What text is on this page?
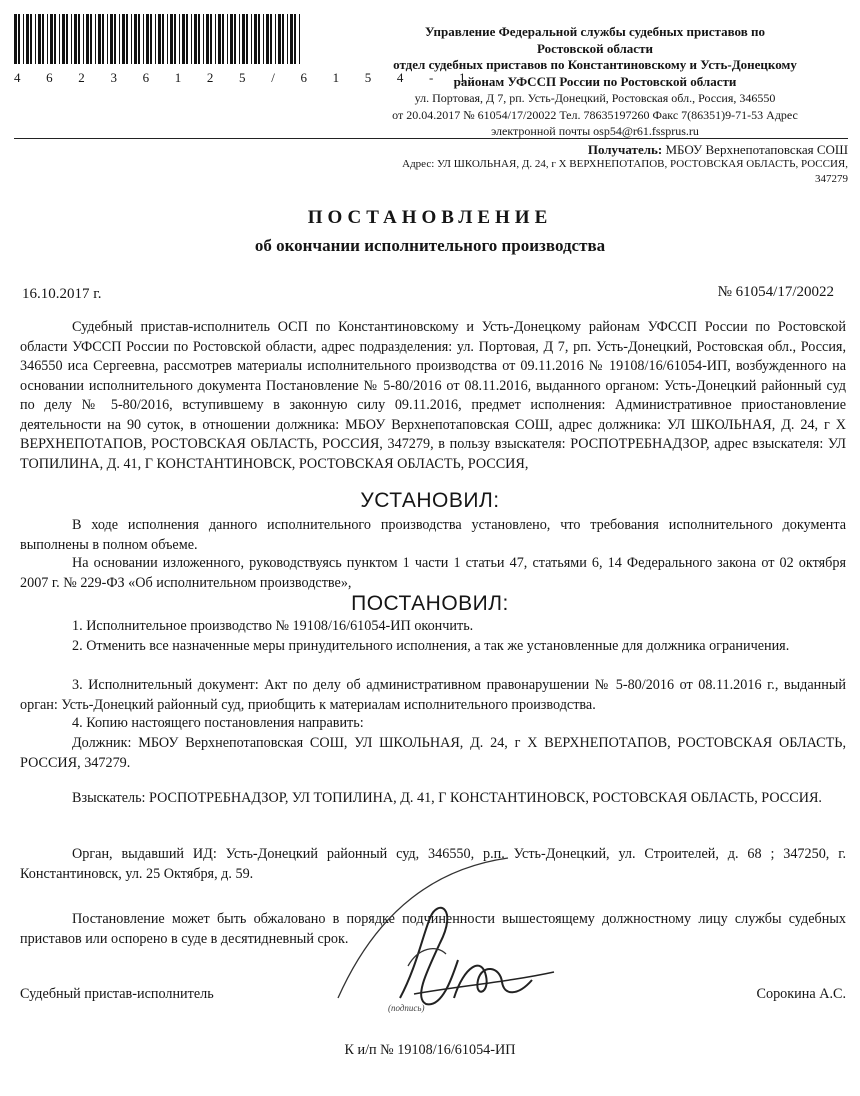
4 6 2 3 6 1 2 5 / 6 1 5 4 - 1
Управление Федеральной службы судебных приставов по
Ростовской области
отдел судебных приставов по Константиновскому и Усть-Донецкому
районам УФССП России по Ростовской области
ул. Портовая, Д 7, рп. Усть-Донецкий, Ростовская обл., Россия, 346550
от 20.04.2017 № 61054/17/20022 Тел. 78635197260 Факс 7(86351)9-71-53 Адрес
электронной почты osp54@r61.fssprus.ru
Получатель: МБОУ Верхнепотаповская СОШ
Адрес: УЛ ШКОЛЬНАЯ, Д. 24, г Х ВЕРХНЕПОТАПОВ, РОСТОВСКАЯ ОБЛАСТЬ, РОССИЯ,
347279
ПОСТАНОВЛЕНИЕ
об окончании исполнительного производства
16.10.2017 г.	№ 61054/17/20022
Судебный пристав-исполнитель ОСП по Константиновскому и Усть-Донецкому районам УФССП России по Ростовской области УФССП России по Ростовской области, адрес подразделения: ул. Портовая, Д 7, рп. Усть-Донецкий, Ростовская обл., Россия, 346550 иса Сергеевна, рассмотрев материалы исполнительного производства от 09.11.2016 № 19108/16/61054-ИП, возбужденного на основании исполнительного документа Постановление № 5-80/2016 от 08.11.2016, выданного органом: Усть-Донецкий районный суд по делу № 5-80/2016, вступившему в законную силу 09.11.2016, предмет исполнения: Административное приостановление деятельности на 90 суток, в отношении должника: МБОУ Верхнепотаповская СОШ, адрес должника: УЛ ШКОЛЬНАЯ, Д. 24, г Х ВЕРХНЕПОТАПОВ, РОСТОВСКАЯ ОБЛАСТЬ, РОССИЯ, 347279, в пользу взыскателя: РОСПОТРЕБНАДЗОР, адрес взыскателя: УЛ ТОПИЛИНА, Д. 41, Г КОНСТАНТИНОВСК, РОСТОВСКАЯ ОБЛАСТЬ, РОССИЯ,
УСТАНОВИЛ:
В ходе исполнения данного исполнительного производства установлено, что требования исполнительного документа выполнены в полном объеме.
На основании изложенного, руководствуясь пунктом 1 части 1 статьи 47, статьями 6, 14 Федерального закона от 02 октября 2007 г. № 229-ФЗ «Об исполнительном производстве»,
ПОСТАНОВИЛ:
1. Исполнительное производство № 19108/16/61054-ИП окончить.
2. Отменить все назначенные меры принудительного исполнения, а так же установленные для должника ограничения.
3. Исполнительный документ: Акт по делу об административном правонарушении № 5-80/2016 от 08.11.2016 г., выданный орган: Усть-Донецкий районный суд, приобщить к материалам исполнительного производства.
4. Копию настоящего постановления направить:
Должник: МБОУ Верхнепотаповская СОШ, УЛ ШКОЛЬНАЯ, Д. 24, г Х ВЕРХНЕПОТАПОВ, РОСТОВСКАЯ ОБЛАСТЬ, РОССИЯ, 347279.
Взыскатель: РОСПОТРЕБНАДЗОР, УЛ ТОПИЛИНА, Д. 41, Г КОНСТАНТИНОВСК, РОСТОВСКАЯ ОБЛАСТЬ, РОССИЯ.
Орган, выдавший ИД: Усть-Донецкий районный суд, 346550, р.п. Усть-Донецкий, ул. Строителей, д. 68 ; 347250, г. Константиновск, ул. 25 Октября, д. 59.
Постановление может быть обжаловано в порядке подчиненности вышестоящему должностному лицу службы судебных приставов или оспорено в суде в десятидневный срок.
Судебный пристав-исполнитель
(подпись)
Сорокина А.С.
К и/п № 19108/16/61054-ИП
